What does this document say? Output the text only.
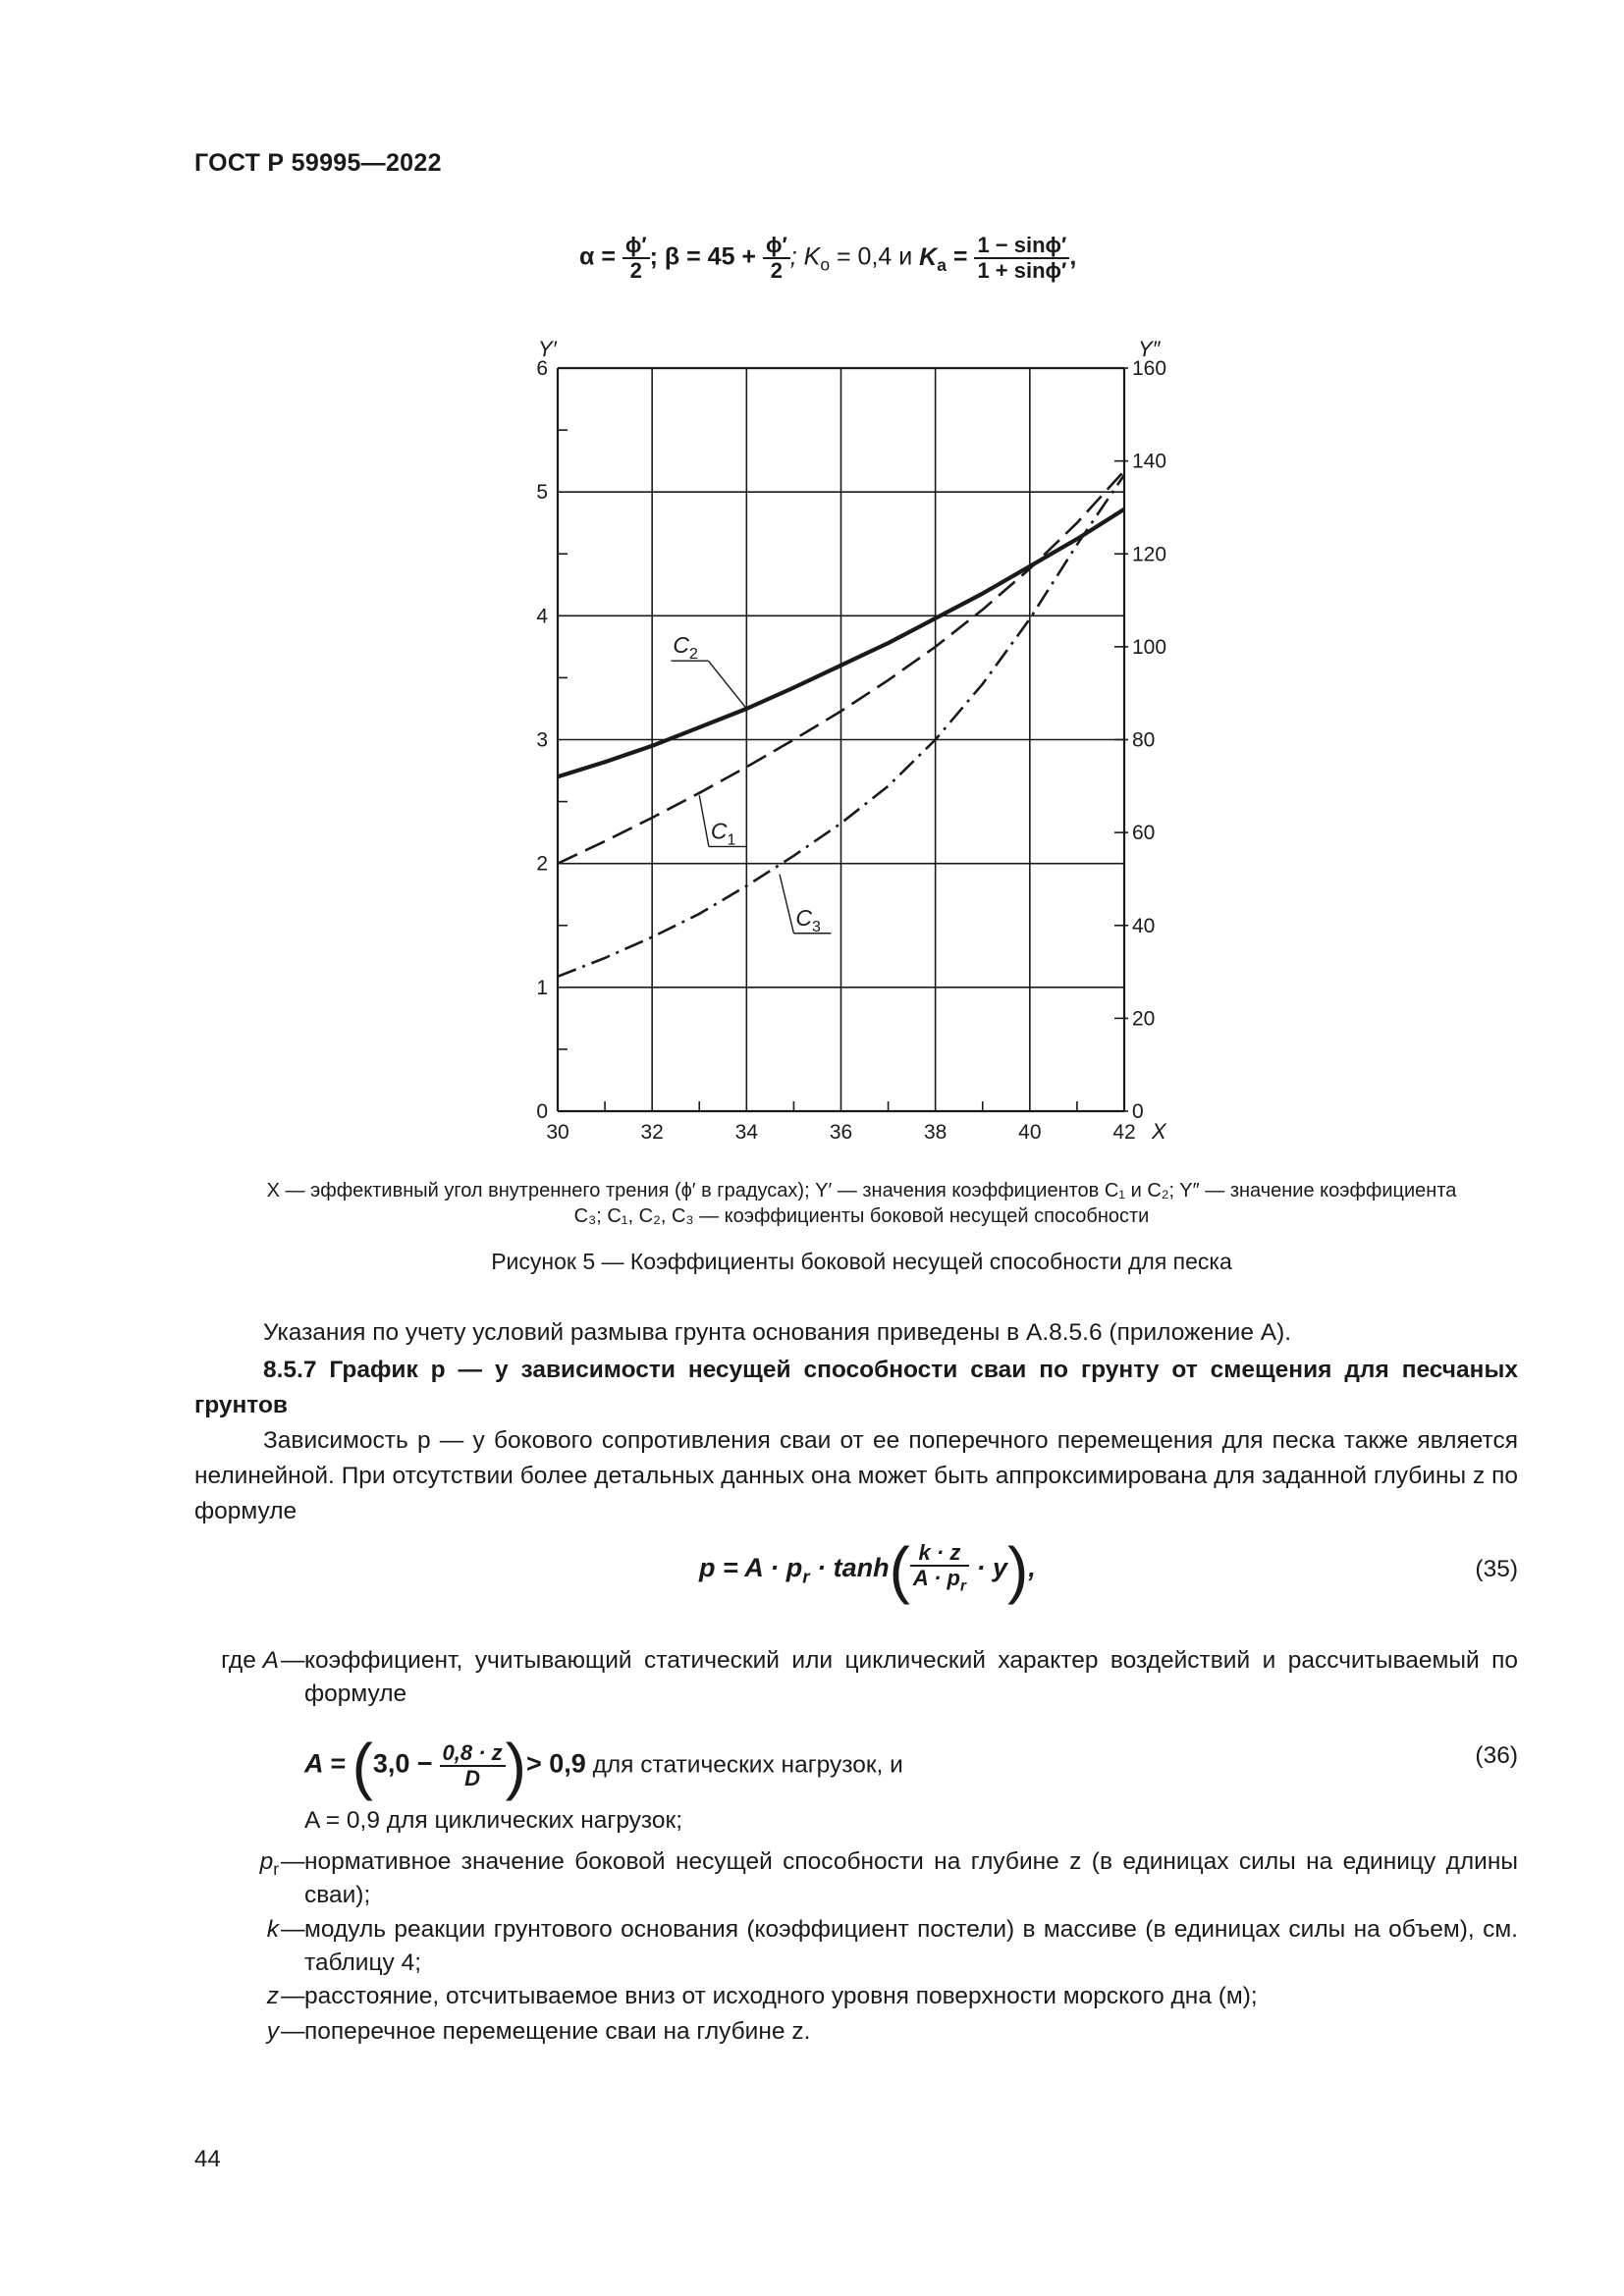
ГОСТ Р 59995—2022
$\alpha = \frac{\phi'}{2}$ ; $\beta = 45 + \frac{\phi'}{2}$ ; $K_о = 0,4$ и $K_a = \frac{1 - \sin\phi'}{1 + \sin\phi'}$ ,
0
1
2
3
4
5
6
0
20
40
60
80
100
120
140
160
30	32	34	36	38	40	42 X
Y′	Y″
$C_1$
$C_2$
$C_3$
X — эффективный угол внутреннего трения (ϕ′ в градусах); Y′ — значения коэффициентов C₁ и C₂; Y″ — значение коэффициента
C₃; C₁, C₂, C₃ — коэффициенты боковой несущей способности
Рисунок 5 — Коэффициенты боковой несущей способности для песка
Указания по учету условий размыва грунта основания приведены в А.8.5.6 (приложение А).
8.5.7 График p — y зависимости несущей способности сваи по грунту от смещения для песчаных грунтов
Зависимость p — y бокового сопротивления сваи от ее поперечного перемещения для песка также является нелинейной. При отсутствии более детальных данных она может быть аппроксимирована для заданной глубины z по формуле
$p = A \cdot p_r \cdot \tanh( \frac{k \cdot z}{A \cdot p_r} \cdot y)$,	(35)
где A — коэффициент, учитывающий статический или циклический характер воздействий и рассчитываемый по формуле
$A = (3,0 - \frac{0,8 \cdot z}{D}$ )> 0,9 для статических нагрузок, и	(36)
A = 0,9 для циклических нагрузок;
$p_r$ — нормативное значение боковой несущей способности на глубине z (в единицах силы на единицу длины сваи);
k — модуль реакции грунтового основания (коэффициент постели) в массиве (в единицах силы на объем), см. таблицу 4;
z — расстояние, отсчитываемое вниз от исходного уровня поверхности морского дна (м);
y — поперечное перемещение сваи на глубине z.
44
